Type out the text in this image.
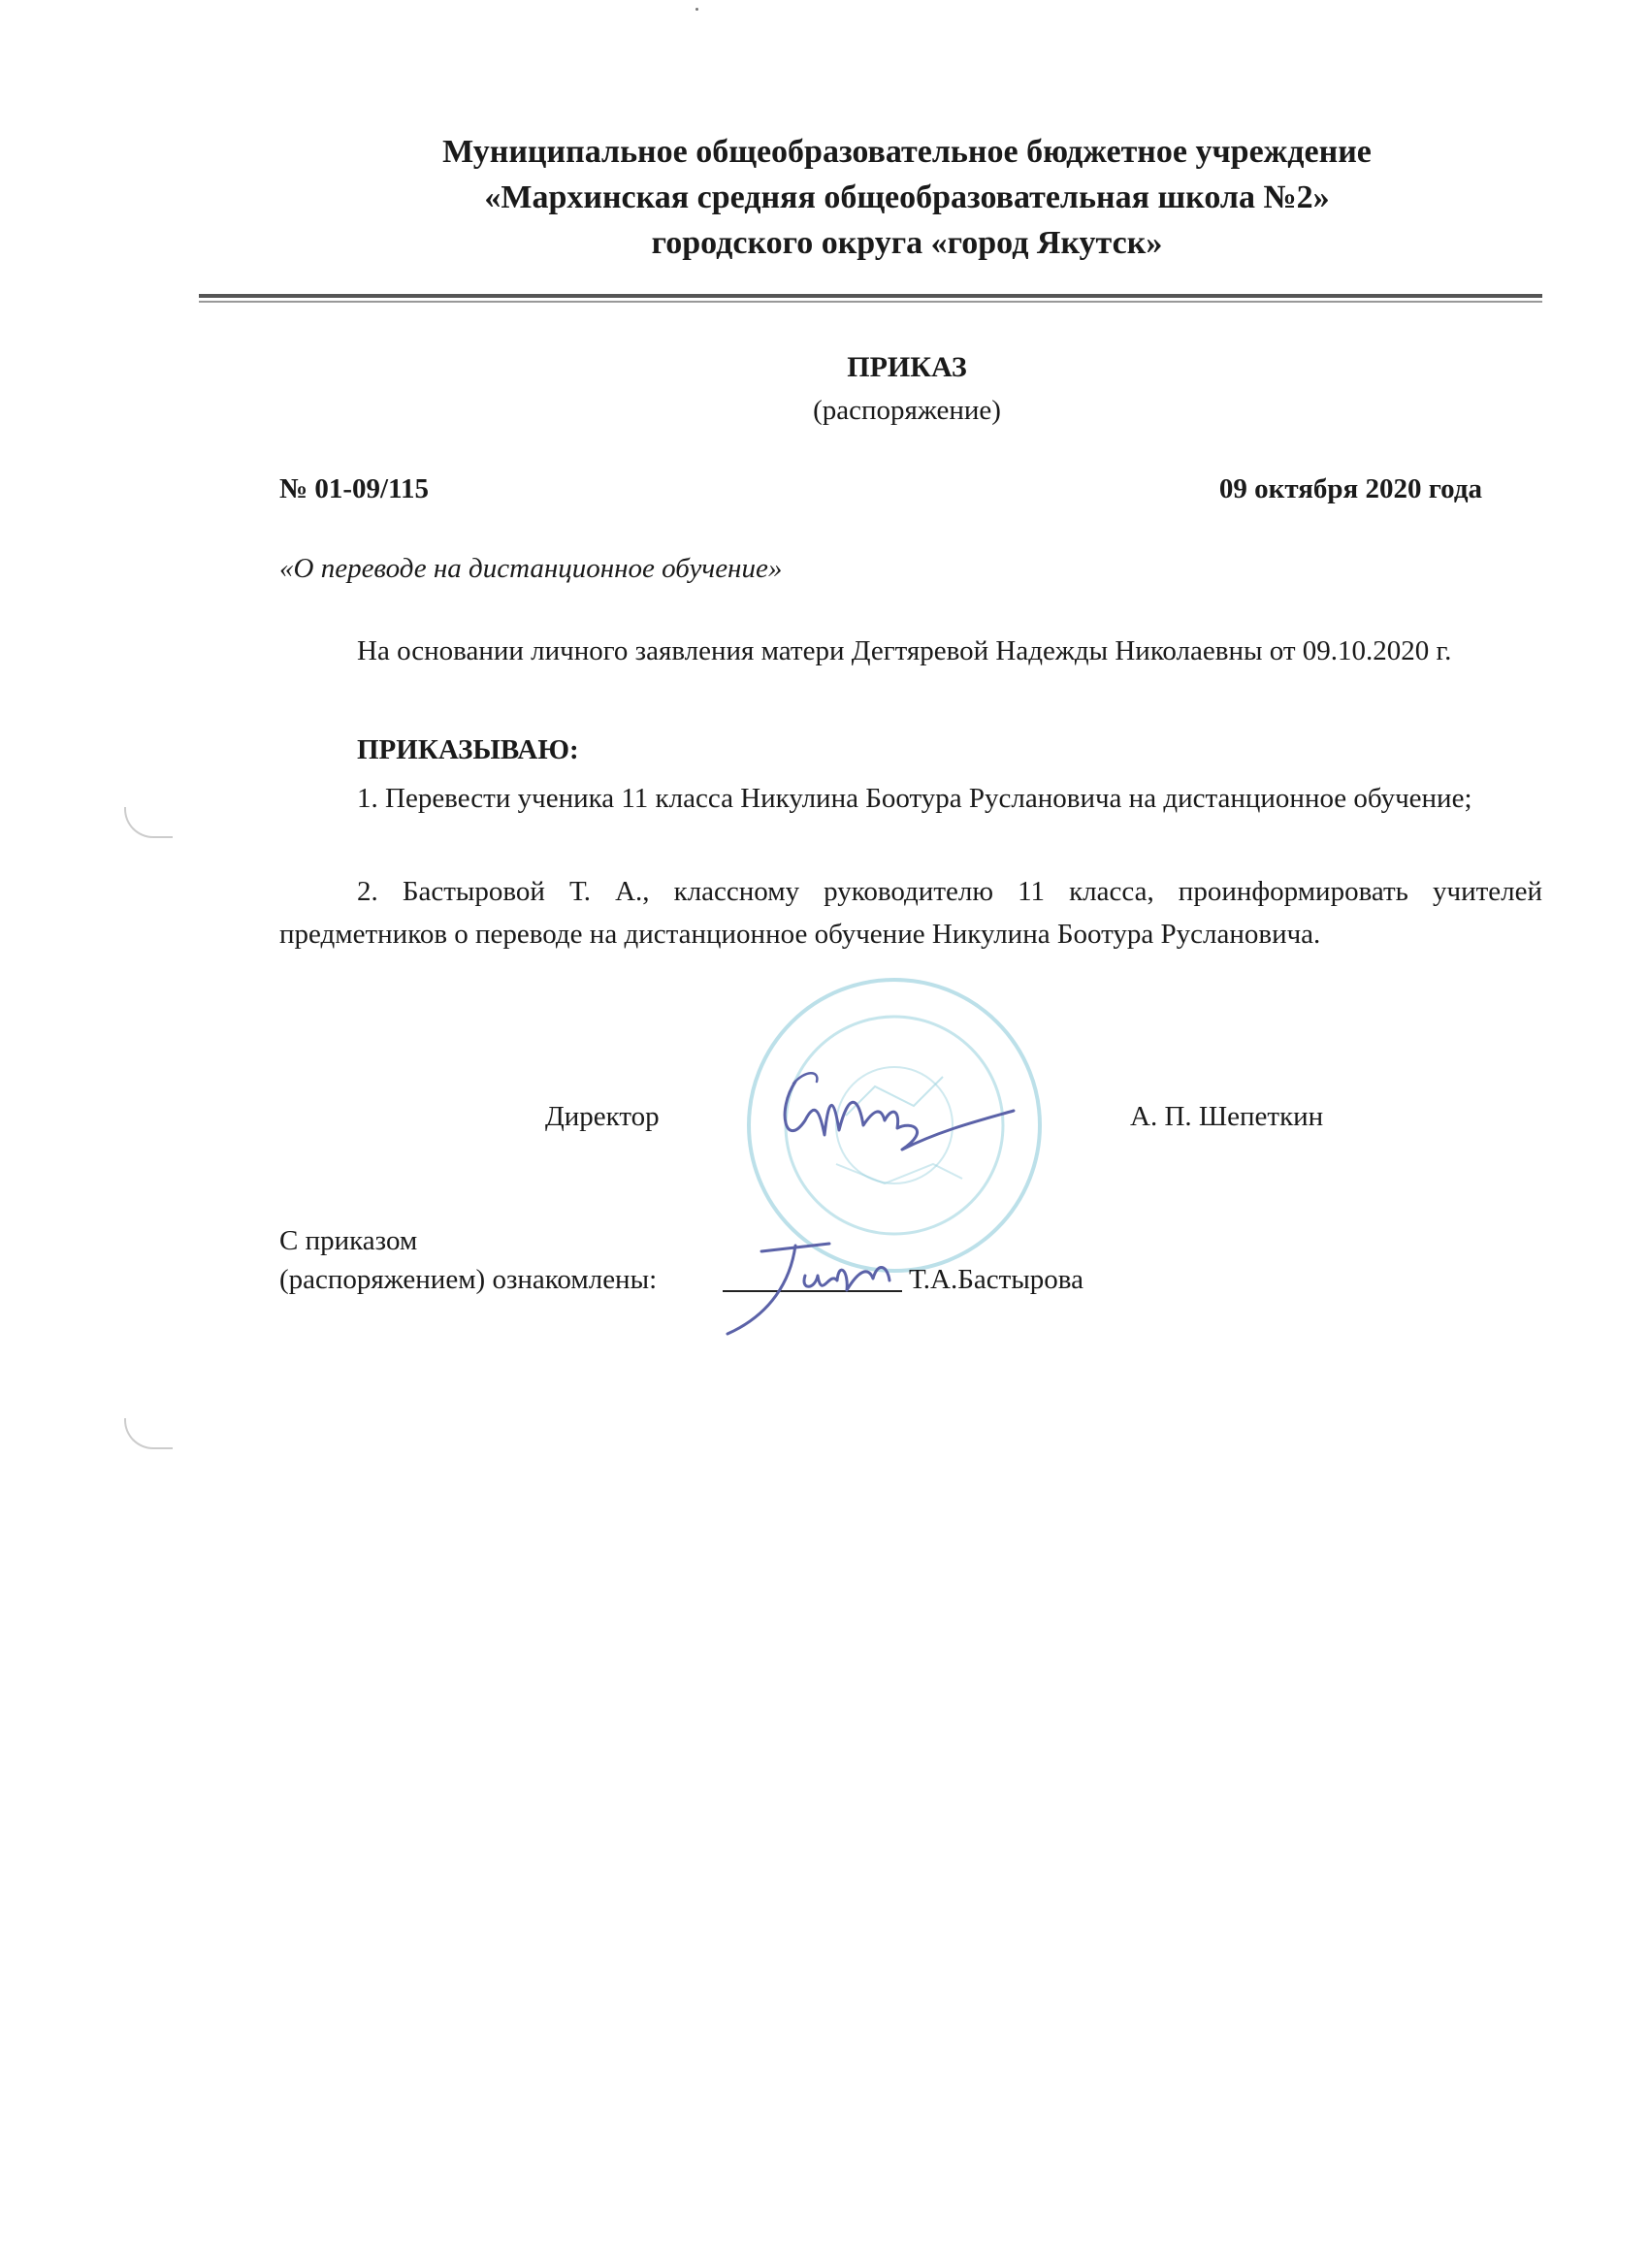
Муниципальное общеобразовательное бюджетное учреждение
«Мархинская средняя общеобразовательная школа №2»
городского округа «город Якутск»
ПРИКАЗ
(распоряжение)
№ 01-09/115	09 октября 2020 года
«О переводе на дистанционное обучение»
На основании личного заявления матери Дегтяревой Надежды Николаевны от 09.10.2020 г.
ПРИКАЗЫВАЮ:
1. Перевести ученика 11 класса Никулина Боотура Руслановича на дистанционное обучение;
2. Бастыровой Т. А., классному руководителю 11 класса, проинформировать учителей предметников о переводе на дистанционное обучение Никулина Боотура Руслановича.
Директор	А. П. Шепеткин
С приказом
(распоряжением) ознакомлены:	Т.А.Бастырова
